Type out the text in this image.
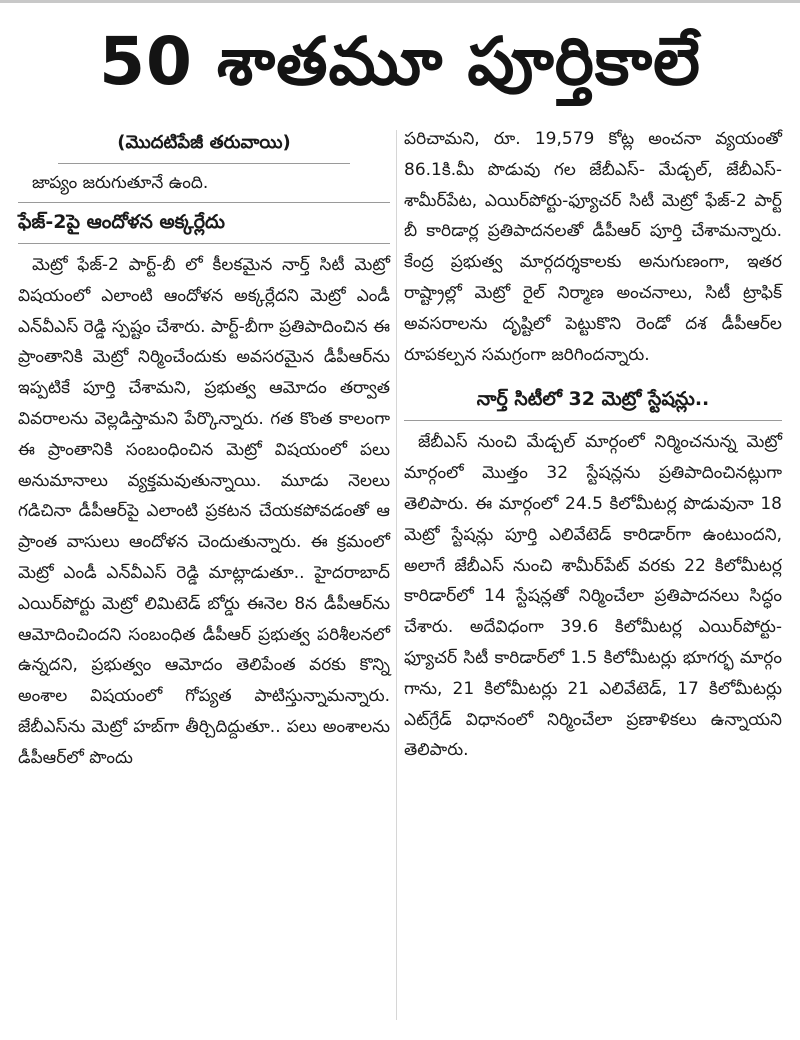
50 శాతమూ పూర్తికాలే
(మొదటిపేజీ తరువాయి)
జాప్యం జరుగుతూనే ఉంది.
ఫేజ్‌-2పై ఆందోళన అక్కర్లేదు

మెట్రో ఫేజ్‌-2 పార్ట్‌-బీ లో కీలకమైన నార్త్‌ సిటీ మెట్రో విషయంలో ఎలాంటి ఆందోళన అక్కర్లేదని మెట్రో ఎండీ ఎన్‌వీఎస్‌ రెడ్డి స్పష్టం చేశారు. పార్ట్‌-బీగా ప్రతిపాదించిన ఈ ప్రాంతానికి మెట్రో నిర్మించేందుకు అవసరమైన డీపీఆర్‌ను ఇప్పటికే పూర్తి చేశామని, ప్రభుత్వ ఆమోదం తర్వాత వివరాలను వెల్లడిస్తామని పేర్కొన్నారు. గత కొంత కాలంగా ఈ ప్రాంతానికి సంబంధించిన మెట్రో విషయంలో పలు అనుమానాలు వ్యక్తమవుతున్నాయి. మూడు నెలలు గడిచినా డీపీఆర్‌పై ఎలాంటి ప్రకటన చేయకపోవడంతో ఆ ప్రాంత వాసులు ఆందోళన చెందుతున్నారు. ఈ క్రమంలో మెట్రో ఎండీ ఎన్‌వీఎస్‌ రెడ్డి మాట్లాడుతూ.. హైదరాబాద్‌ ఎయిర్‌పోర్టు మెట్రో లిమిటెడ్‌ బోర్డు ఈనెల 8న డీపీఆర్‌ను ఆమోదించిందని సంబంధిత డీపీఆర్‌ ప్రభుత్వ పరిశీలనలో ఉన్నదని, ప్రభుత్వం ఆమోదం తెలిపేంత వరకు కొన్ని అంశాల విషయంలో గోప్యత పాటిస్తున్నామన్నారు. జేబీఎస్‌ను మెట్రో హబ్‌గా తీర్చిదిద్దుతూ.. పలు అంశాలను డీపీఆర్‌లో పొందు

పరిచామని, రూ. 19,579 కోట్ల అంచనా వ్యయంతో 86.1కి.మీ పొడువు గల జేబీఎస్‌- మేడ్చల్‌, జేబీఎస్‌- శామీర్‌పేట, ఎయిర్‌పోర్టు-ఫ్యూచర్‌ సిటీ మెట్రో ఫేజ్‌-2 పార్ట్‌ బీ కారిడార్ల ప్రతిపాదనలతో డీపీఆర్‌ పూర్తి చేశామన్నారు. కేంద్ర ప్రభుత్వ మార్గదర్శకాలకు అనుగుణంగా, ఇతర రాష్ట్రాల్లో మెట్రో రైల్‌ నిర్మాణ అంచనాలు, సిటీ ట్రాఫిక్‌ అవసరాలను దృష్టిలో పెట్టుకొని రెండో దశ డీపీఆర్‌ల రూపకల్పన సమగ్రంగా జరిగిందన్నారు.

నార్త్‌ సిటీలో 32 మెట్రో స్టేషన్లు..

జేబీఎస్‌ నుంచి మేడ్చల్‌ మార్గంలో నిర్మించనున్న మెట్రో మార్గంలో మొత్తం 32 స్టేషన్లను ప్రతిపాదించినట్లుగా తెలిపారు. ఈ మార్గంలో 24.5 కిలోమీటర్ల పొడువునా 18 మెట్రో స్టేషన్లు పూర్తి ఎలివేటెడ్‌ కారిడార్‌గా ఉంటుందని, అలాగే జేబీఎస్‌ నుంచి శామీర్‌పేట్‌ వరకు 22 కిలోమీటర్ల కారిడార్‌లో 14 స్టేషన్లతో నిర్మించేలా ప్రతిపాదనలు సిద్ధం చేశారు. అదేవిధంగా 39.6 కిలోమీటర్ల ఎయిర్‌పోర్టు-ఫ్యూచర్‌ సిటీ కారిడార్‌లో 1.5 కిలోమీటర్లు భూగర్భ మార్గం గాను, 21 కిలోమీటర్లు 21 ఎలివేటెడ్‌, 17 కిలోమీటర్లు ఎట్‌గ్రేడ్‌ విధానంలో నిర్మించేలా ప్రణాళికలు ఉన్నాయని తెలిపారు.
